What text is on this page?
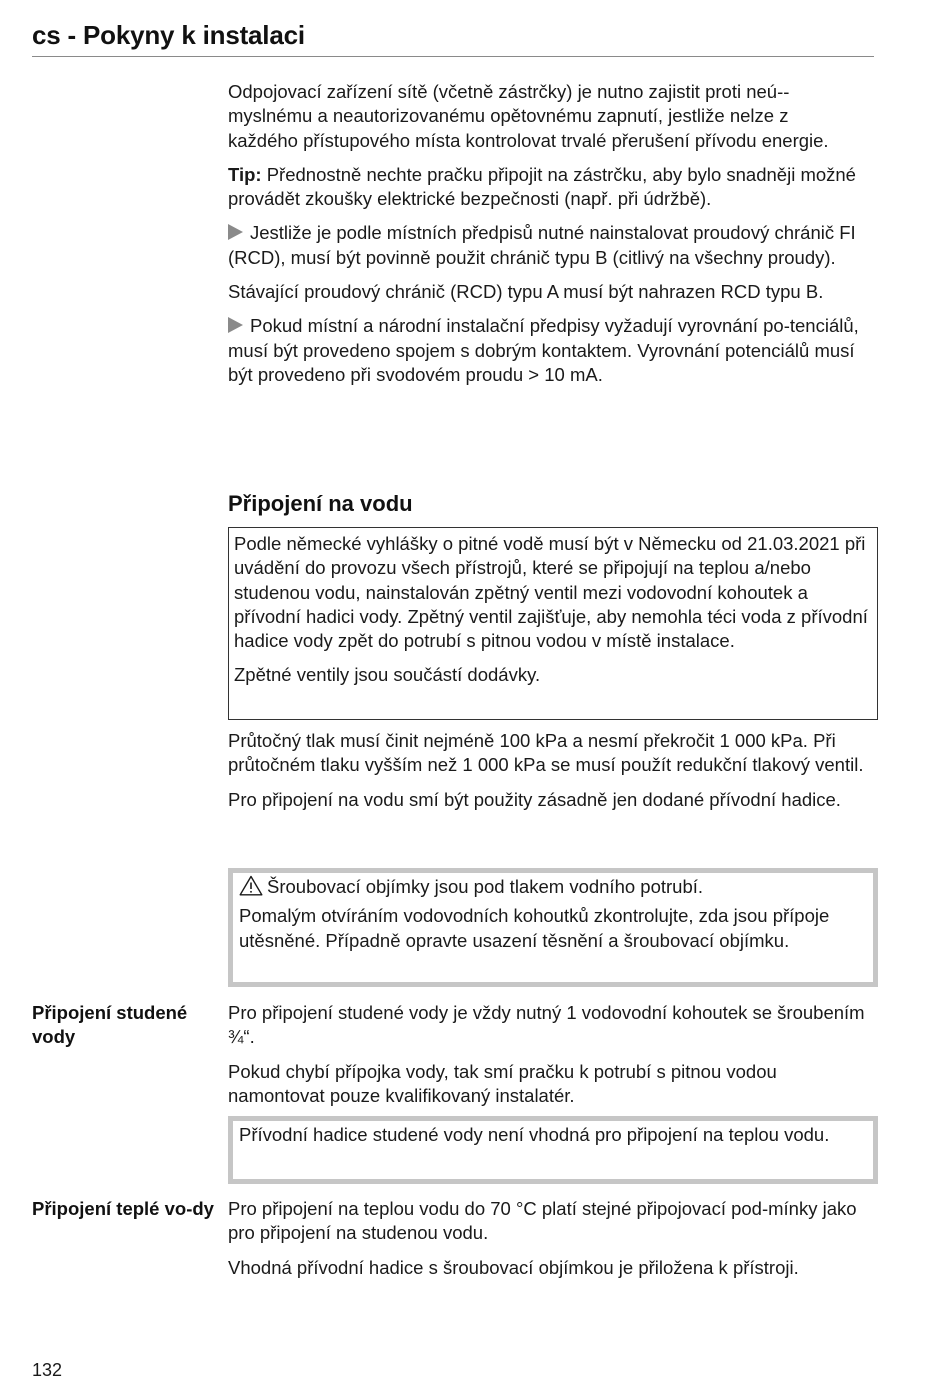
cs - Pokyny k instalaci

Odpojovací zařízení sítě (včetně zástrčky) je nutno zajistit proti neú-myslnému a neautorizovanému opětovnému zapnutí, jestliže nelze z každého přístupového místa kontrolovat trvalé přerušení přívodu energie.

Tip: Přednostně nechte pračku připojit na zástrčku, aby bylo snadněji možné provádět zkoušky elektrické bezpečnosti (např. při údržbě).

Jestliže je podle místních předpisů nutné nainstalovat proudový chránič FI (RCD), musí být povinně použit chránič typu B (citlivý na všechny proudy).

Stávající proudový chránič (RCD) typu A musí být nahrazen RCD typu B.

Pokud místní a národní instalační předpisy vyžadují vyrovnání po-tenciálů, musí být provedeno spojem s dobrým kontaktem. Vyrovnání potenciálů musí být provedeno při svodovém proudu > 10 mA.

Připojení na vodu

Podle německé vyhlášky o pitné vodě musí být v Německu od 21.03.2021 při uvádění do provozu všech přístrojů, které se připojují na teplou a/nebo studenou vodu, nainstalován zpětný ventil mezi vodovodní kohoutek a přívodní hadici vody. Zpětný ventil zajišťuje, aby nemohla téci voda z přívodní hadice vody zpět do potrubí s pitnou vodou v místě instalace.

Zpětné ventily jsou součástí dodávky.

Průtočný tlak musí činit nejméně 100 kPa a nesmí překročit 1 000 kPa. Při průtočném tlaku vyšším než 1 000 kPa se musí použít redukční tlakový ventil.

Pro připojení na vodu smí být použity zásadně jen dodané přívodní hadice.

Šroubovací objímky jsou pod tlakem vodního potrubí.

Pomalým otvíráním vodovodních kohoutků zkontrolujte, zda jsou přípoje utěsněné. Případně opravte usazení těsnění a šroubovací objímku.

Připojení studené vody

Pro připojení studené vody je vždy nutný 1 vodovodní kohoutek se šroubením ¾“.

Pokud chybí přípojka vody, tak smí pračku k potrubí s pitnou vodou namontovat pouze kvalifikovaný instalatér.

Přívodní hadice studené vody není vhodná pro připojení na teplou vodu.

Připojení teplé vo-dy Pro připojení na teplou vodu do 70 °C platí stejné připojovací pod-mínky jako pro připojení na studenou vodu.

Vhodná přívodní hadice s šroubovací objímkou je přiložena k přístroji.

132
